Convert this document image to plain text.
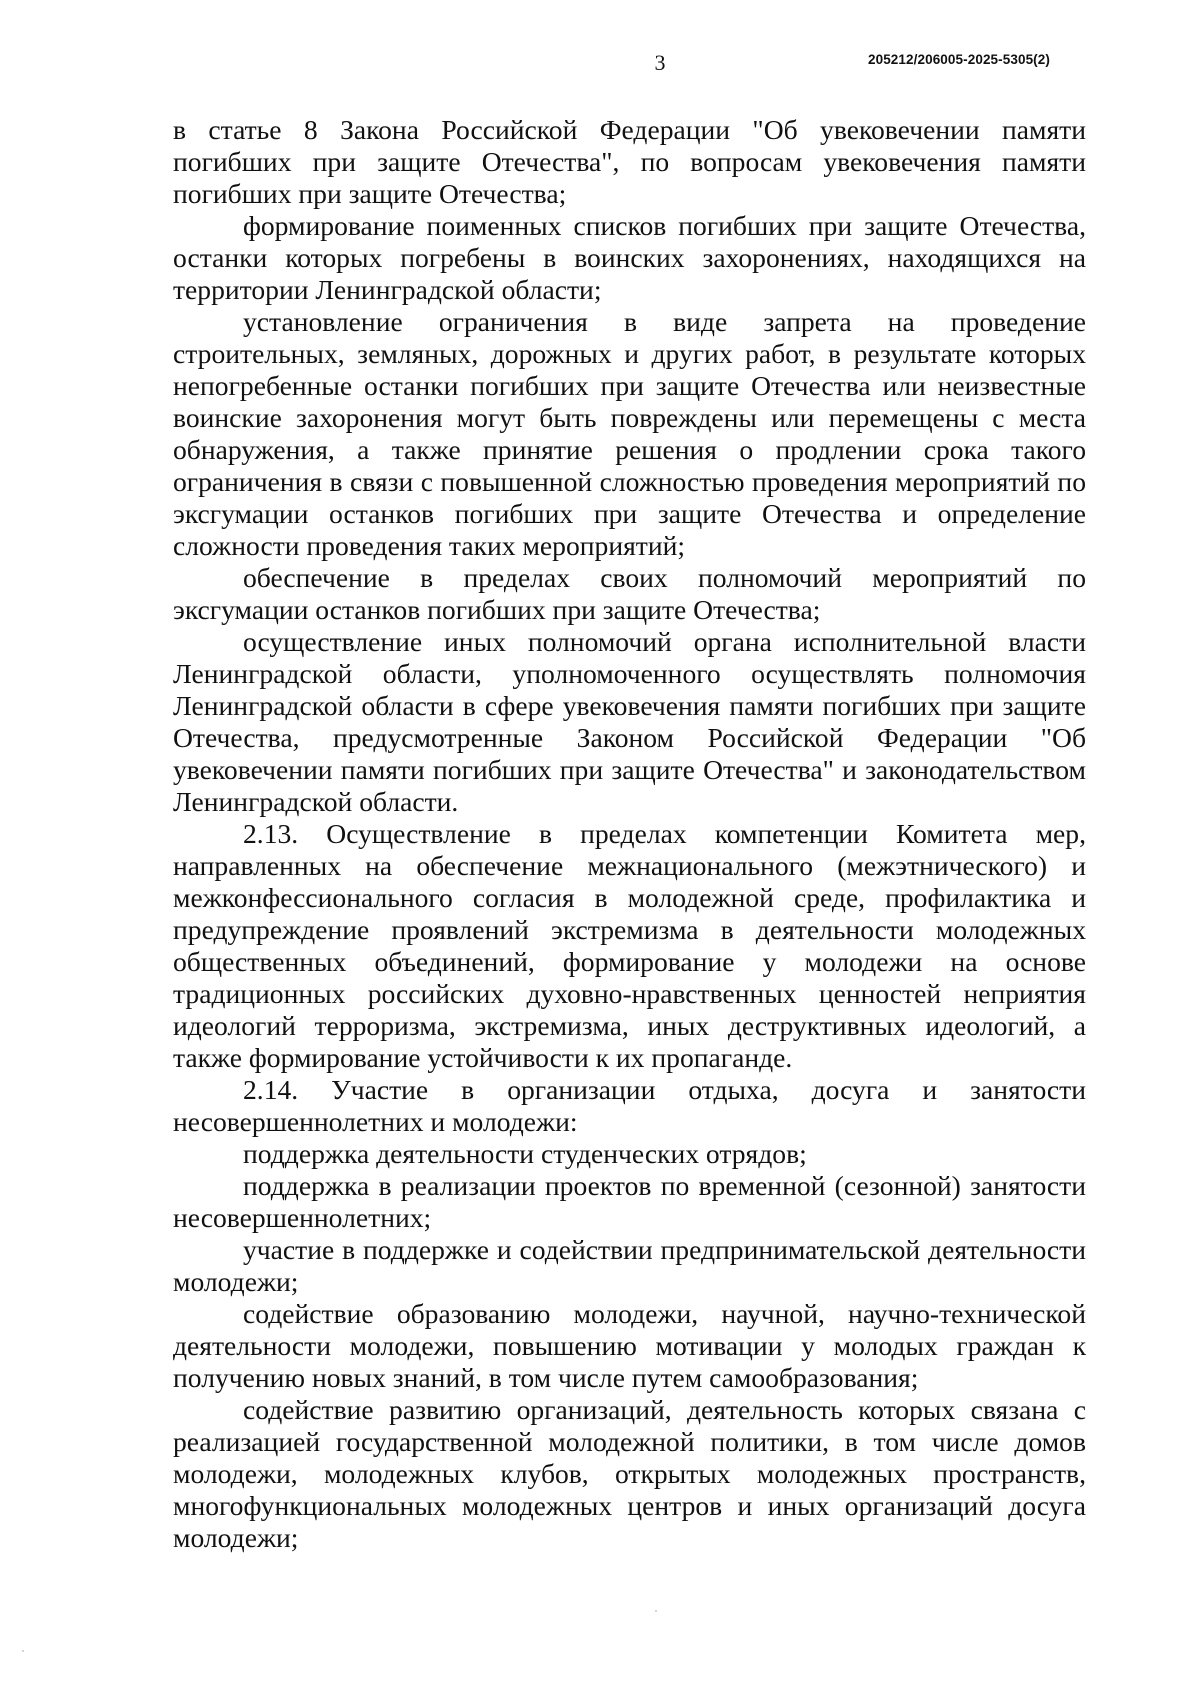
3	205212/206005-2025-5305(2)

в статье 8 Закона Российской Федерации "Об увековечении памяти погибших при защите Отечества", по вопросам увековечения памяти погибших при защите Отечества;

формирование поименных списков погибших при защите Отечества, останки которых погребены в воинских захоронениях, находящихся на территории Ленинградской области;

установление ограничения в виде запрета на проведение строительных, земляных, дорожных и других работ, в результате которых непогребенные останки погибших при защите Отечества или неизвестные воинские захоронения могут быть повреждены или перемещены с места обнаружения, а также принятие решения о продлении срока такого ограничения в связи с повышенной сложностью проведения мероприятий по эксгумации останков погибших при защите Отечества и определение сложности проведения таких мероприятий;

обеспечение в пределах своих полномочий мероприятий по эксгумации останков погибших при защите Отечества;

осуществление иных полномочий органа исполнительной власти Ленинградской области, уполномоченного осуществлять полномочия Ленинградской области в сфере увековечения памяти погибших при защите Отечества, предусмотренные Законом Российской Федерации "Об увековечении памяти погибших при защите Отечества" и законодательством Ленинградской области.

2.13. Осуществление в пределах компетенции Комитета мер, направленных на обеспечение межнационального (межэтнического) и межконфессионального согласия в молодежной среде, профилактика и предупреждение проявлений экстремизма в деятельности молодежных общественных объединений, формирование у молодежи на основе традиционных российских духовно-нравственных ценностей неприятия идеологий терроризма, экстремизма, иных деструктивных идеологий, а также формирование устойчивости к их пропаганде.

2.14. Участие в организации отдыха, досуга и занятости несовершеннолетних и молодежи:

поддержка деятельности студенческих отрядов;

поддержка в реализации проектов по временной (сезонной) занятости несовершеннолетних;

участие в поддержке и содействии предпринимательской деятельности молодежи;

содействие образованию молодежи, научной, научно-технической деятельности молодежи, повышению мотивации у молодых граждан к получению новых знаний, в том числе путем самообразования;

содействие развитию организаций, деятельность которых связана с реализацией государственной молодежной политики, в том числе домов молодежи, молодежных клубов, открытых молодежных пространств, многофункциональных молодежных центров и иных организаций досуга молодежи;
